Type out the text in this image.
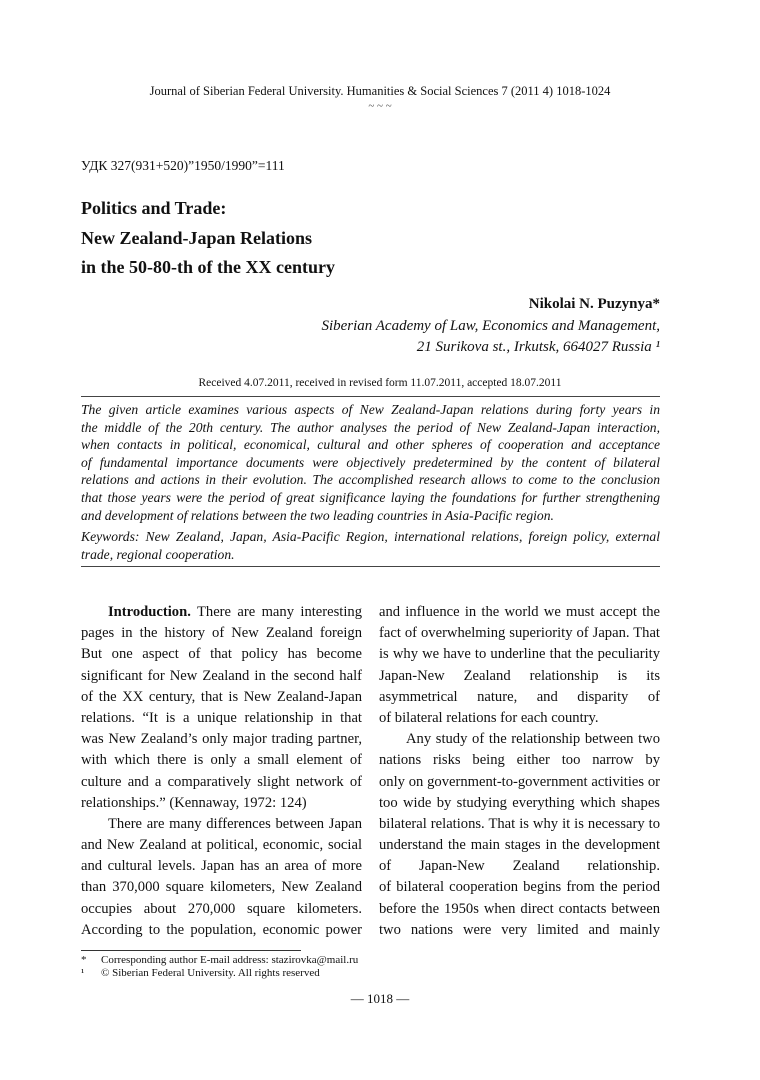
Journal of Siberian Federal University. Humanities & Social Sciences 7 (2011 4) 1018-1024
~ ~ ~
УДК 327(931+520)”1950/1990”=111
Politics and Trade:
New Zealand-Japan Relations
in the 50-80-th of the XX century
Nikolai N. Puzynya*
Siberian Academy of Law, Economics and Management,
21 Surikova st., Irkutsk, 664027 Russia ¹
Received 4.07.2011, received in revised form 11.07.2011, accepted 18.07.2011
The given article examines various aspects of New Zealand-Japan relations during forty years in
the middle of the 20th century. The author analyses the period of New Zealand-Japan interaction,
when contacts in political, economical, cultural and other spheres of cooperation and acceptance
of fundamental importance documents were objectively predetermined by the content of bilateral
relations and actions in their evolution. The accomplished research allows to come to the conclusion
that those years were the period of great significance laying the foundations for further strengthening
and development of relations between the two leading countries in Asia-Pacific region.
Keywords: New Zealand, Japan, Asia-Pacific Region, international relations, foreign policy, external
trade, regional cooperation.
Introduction. There are many interesting
pages in the history of New Zealand foreign
But one aspect of that policy has become
significant for New Zealand in the second half
of the XX century, that is New Zealand-Japan
relations. “It is a unique relationship in that
was New Zealand’s only major trading partner,
with which there is only a small element of
culture and a comparatively slight network of
relationships.” (Kennaway, 1972: 124)
There are many differences between Japan
and New Zealand at political, economic, social
and cultural levels. Japan has an area of more
than 370,000 square kilometers, New Zealand
occupies about 270,000 square kilometers.
According to the population, economic power
and influence in the world we must accept the
fact of overwhelming superiority of Japan. That
is why we have to underline that the peculiarity
Japan-New Zealand relationship is its
asymmetrical nature, and disparity of
of bilateral relations for each country.
Any study of the relationship between two
nations risks being either too narrow by
only on government-to-government activities or
too wide by studying everything which shapes
bilateral relations. That is why it is necessary to
understand the main stages in the development
of Japan-New Zealand relationship.
of bilateral cooperation begins from the period
before the 1950s when direct contacts between
two nations were very limited and mainly
* Corresponding author E-mail address: stazirovka@mail.ru
¹ © Siberian Federal University. All rights reserved
— 1018 —
